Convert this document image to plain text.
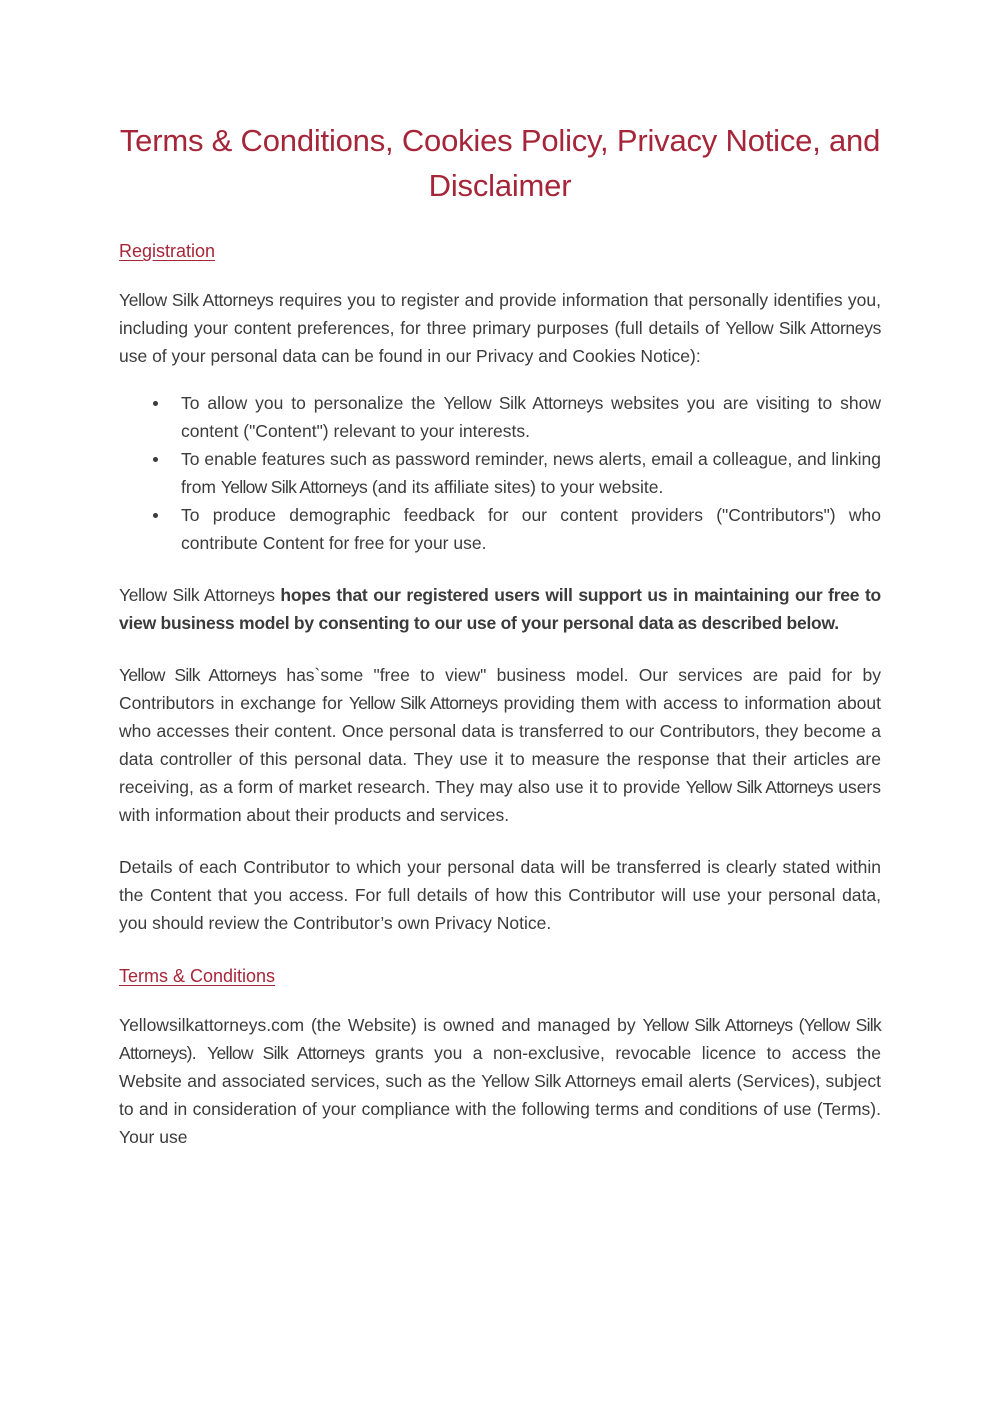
Terms & Conditions, Cookies Policy, Privacy Notice, and Disclaimer
Registration

Yellow Silk Attorneys requires you to register and provide information that personally identifies you, including your content preferences, for three primary purposes (full details of Yellow Silk Attorneys use of your personal data can be found in our Privacy and Cookies Notice):

To allow you to personalize the Yellow Silk Attorneys websites you are visiting to show content ("Content") relevant to your interests.
To enable features such as password reminder, news alerts, email a colleague, and linking from Yellow Silk Attorneys (and its affiliate sites) to your website.
To produce demographic feedback for our content providers ("Contributors") who contribute Content for free for your use.

Yellow Silk Attorneys hopes that our registered users will support us in maintaining our free to view business model by consenting to our use of your personal data as described below.

Yellow Silk Attorneys has`some "free to view" business model. Our services are paid for by Contributors in exchange for Yellow Silk Attorneys providing them with access to information about who accesses their content. Once personal data is transferred to our Contributors, they become a data controller of this personal data. They use it to measure the response that their articles are receiving, as a form of market research. They may also use it to provide Yellow Silk Attorneys users with information about their products and services.

Details of each Contributor to which your personal data will be transferred is clearly stated within the Content that you access. For full details of how this Contributor will use your personal data, you should review the Contributor’s own Privacy Notice.

Terms & Conditions

Yellowsilkattorneys.com (the Website) is owned and managed by Yellow Silk Attorneys (Yellow Silk Attorneys). Yellow Silk Attorneys grants you a non-exclusive, revocable licence to access the Website and associated services, such as the Yellow Silk Attorneys email alerts (Services), subject to and in consideration of your compliance with the following terms and conditions of use (Terms). Your use
